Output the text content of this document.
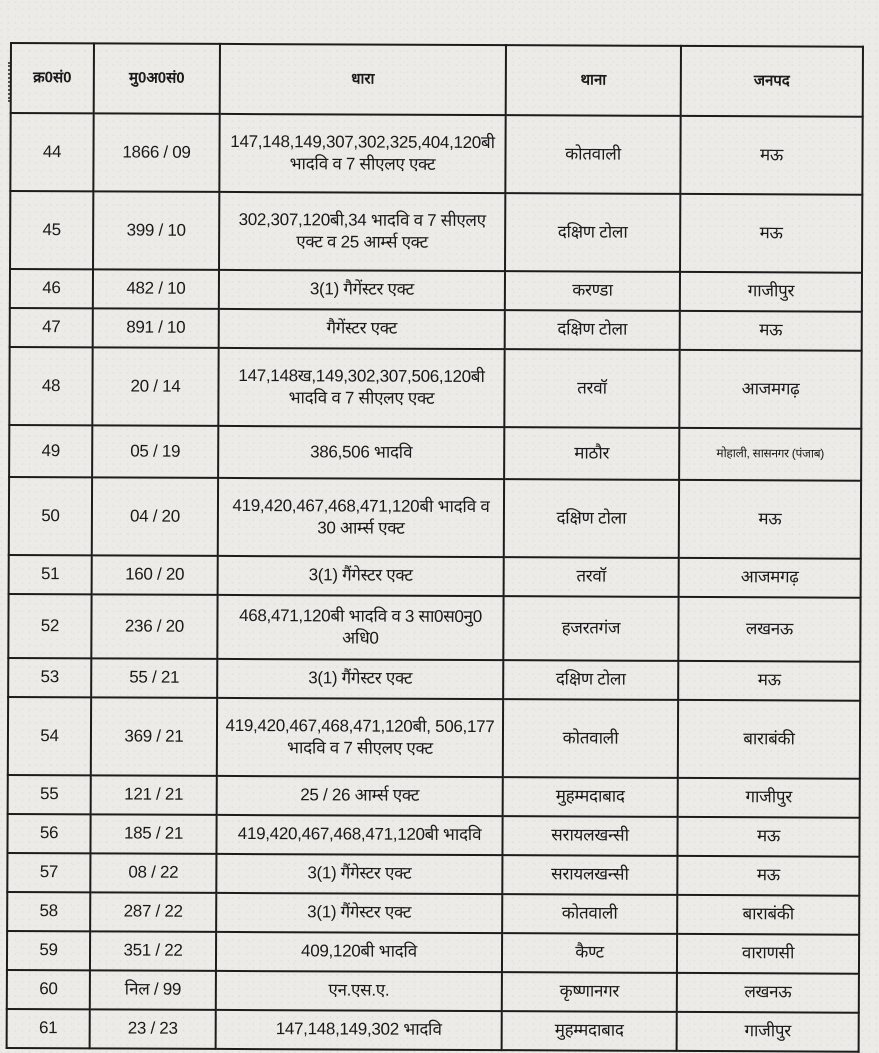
क्र0सं0	मु0अ0सं0	धारा	थाना	जनपद
44	1866 / 09	147,148,149,307,302,325,404,120बी भादवि व 7 सीएलए एक्ट	कोतवाली	मऊ
45	399 / 10	302,307,120बी,34 भादवि व 7 सीएलए एक्ट व 25 आर्म्स एक्ट	दक्षिण टोला	मऊ
46	482 / 10	3(1) गैगेंस्टर एक्ट	करण्डा	गाजीपुर
47	891 / 10	गैगेंस्टर एक्ट	दक्षिण टोला	मऊ
48	20 / 14	147,148ख,149,302,307,506,120बी भादवि व 7 सीएलए एक्ट	तरवॉ	आजमगढ़
49	05 / 19	386,506 भादवि	माठौर	मोहाली, सासनगर (पंजाब)
50	04 / 20	419,420,467,468,471,120बी भादवि व 30 आर्म्स एक्ट	दक्षिण टोला	मऊ
51	160 / 20	3(1) गैंगेस्टर एक्ट	तरवॉ	आजमगढ़
52	236 / 20	468,471,120बी भादवि व 3 सा0स0नु0 अधि0	हजरतगंज	लखनऊ
53	55 / 21	3(1) गैंगेस्टर एक्ट	दक्षिण टोला	मऊ
54	369 / 21	419,420,467,468,471,120बी, 506,177 भादवि व 7 सीएलए एक्ट	कोतवाली	बाराबंकी
55	121 / 21	25 / 26 आर्म्स एक्ट	मुहम्मदाबाद	गाजीपुर
56	185 / 21	419,420,467,468,471,120बी भादवि	सरायलखन्सी	मऊ
57	08 / 22	3(1) गैंगेस्टर एक्ट	सरायलखन्सी	मऊ
58	287 / 22	3(1) गैंगेस्टर एक्ट	कोतवाली	बाराबंकी
59	351 / 22	409,120बी भादवि	कैण्ट	वाराणसी
60	निल / 99	एन.एस.ए.	कृष्णानगर	लखनऊ
61	23 / 23	147,148,149,302 भादवि	मुहम्मदाबाद	गाजीपुर
